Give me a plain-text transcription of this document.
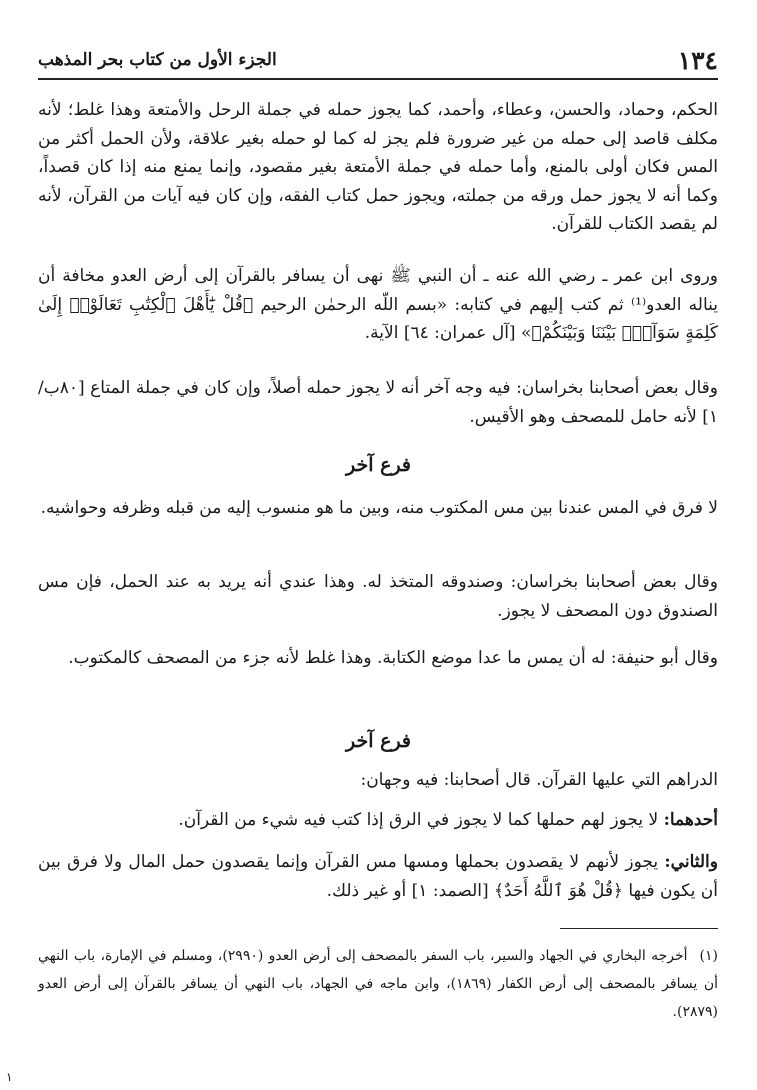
١٣٤
الجزء الأول من كتاب بحر المذهب

الحكم، وحماد، والحسن، وعطاء، وأحمد، كما يجوز حمله في جملة الرحل والأمتعة وهذا غلط؛ لأنه مكلف قاصد إلى حمله من غير ضرورة فلم يجز له كما لو حمله بغير علاقة، ولأن الحمل أكثر من المس فكان أولى بالمنع، وأما حمله في جملة الأمتعة بغير مقصود، وإنما يمنع منه إذا كان قصداً، وكما أنه لا يجوز حمل ورقه من جملته، ويجوز حمل كتاب الفقه، وإن كان فيه آيات من القرآن، لأنه لم يقصد الكتاب للقرآن.

وروى ابن عمر ـ رضي الله عنه ـ أن النبي ﷺ نهى أن يسافر بالقرآن إلى أرض العدو مخافة أن يناله العدو⁽¹⁾ ثم كتب إليهم في كتابه: «بسم اللّه الرحمٰن الرحيم ﴿قُلْ يَٰٓأَهْلَ ٱلْكِتَٰبِ تَعَالَوْا۟ إِلَىٰ كَلِمَةٍ سَوَآءٍۭ بَيْنَنَا وَبَيْنَكُمْ﴾» [آل عمران: ٦٤] الآية.

وقال بعض أصحابنا بخراسان: فيه وجه آخر أنه لا يجوز حمله أصلاً، وإن كان في جملة المتاع [٨٠ب/ ١] لأنه حامل للمصحف وهو الأقيس.

فرع آخر

لا فرق في المس عندنا بين مس المكتوب منه، وبين ما هو منسوب إليه من قبله وظرفه وحواشيه.

وقال بعض أصحابنا بخراسان: وصندوقه المتخذ له. وهذا عندي أنه يريد به عند الحمل، فإن مس الصندوق دون المصحف لا يجوز.

وقال أبو حنيفة: له أن يمس ما عدا موضع الكتابة. وهذا غلط لأنه جزء من المصحف كالمكتوب.

فرع آخر

الدراهم التي عليها القرآن. قال أصحابنا: فيه وجهان:

أحدهما: لا يجوز لهم حملها كما لا يجوز في الرق إذا كتب فيه شيء من القرآن.

والثاني: يجوز لأنهم لا يقصدون بحملها ومسها مس القرآن وإنما يقصدون حمل المال ولا فرق بين أن يكون فيها ﴿قُلْ هُوَ ٱللَّهُ أَحَدٌ﴾ [الصمد: ١] أو غير ذلك.

(١)أخرجه البخاري في الجهاد والسير، باب السفر بالمصحف إلى أرض العدو (٢٩٩٠)، ومسلم في الإمارة، باب النهي أن يسافر بالمصحف إلى أرض الكفار (١٨٦٩)، وابن ماجه في الجهاد، باب النهي أن يسافر بالقرآن إلى أرض العدو (٢٨٧٩).

١
